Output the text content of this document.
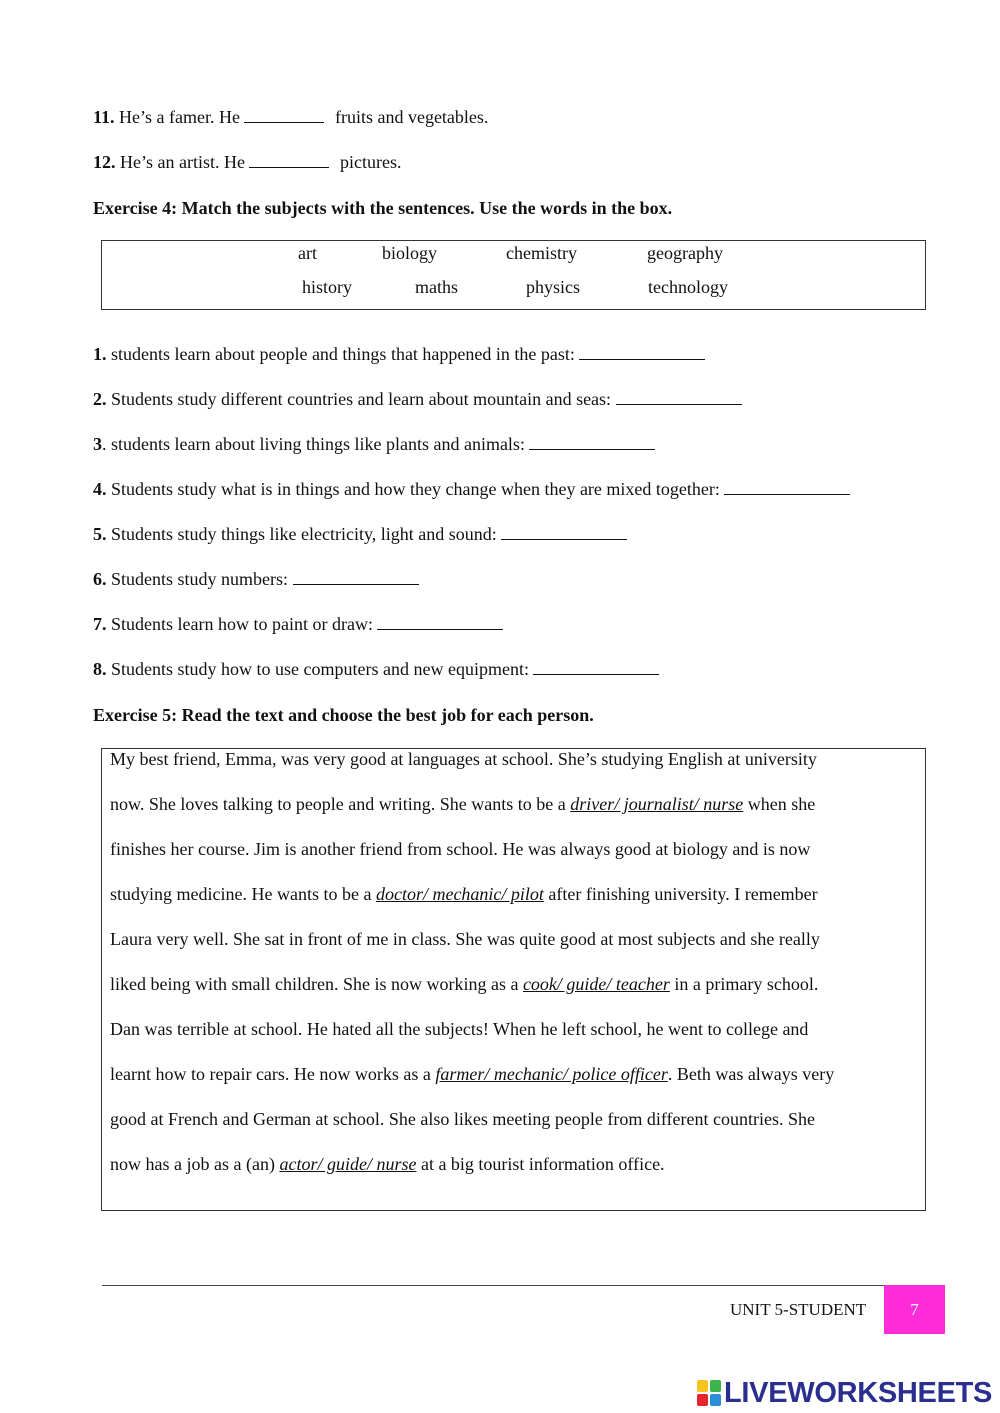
11. He’s a famer. He	fruits and vegetables.
12. He’s an artist. He	pictures.
Exercise 4: Match the subjects with the sentences. Use the words in the box.
art	biology	chemistry	geography
history	maths	physics	technology
1. students learn about people and things that happened in the past:
2. Students study different countries and learn about mountain and seas:
3. students learn about living things like plants and animals:
4. Students study what is in things and how they change when they are mixed together:
5. Students study things like electricity, light and sound:
6. Students study numbers:
7. Students learn how to paint or draw:
8. Students study how to use computers and new equipment:
Exercise 5: Read the text and choose the best job for each person.

My best friend, Emma, was very good at languages at school. She’s studying English at university

now. She loves talking to people and writing. She wants to be a driver/ journalist/ nurse when she

finishes her course. Jim is another friend from school. He was always good at biology and is now

studying medicine. He wants to be a doctor/ mechanic/ pilot after finishing university. I remember

Laura very well. She sat in front of me in class. She was quite good at most subjects and she really

liked being with small children. She is now working as a cook/ guide/ teacher in a primary school.

Dan was terrible at school. He hated all the subjects! When he left school, he went to college and

learnt how to repair cars. He now works as a farmer/ mechanic/ police officer. Beth was always very

good at French and German at school. She also likes meeting people from different countries. She

now has a job as a (an) actor/ guide/ nurse at a big tourist information office.

UNIT 5-STUDENT	7
LIVEWORKSHEETS
